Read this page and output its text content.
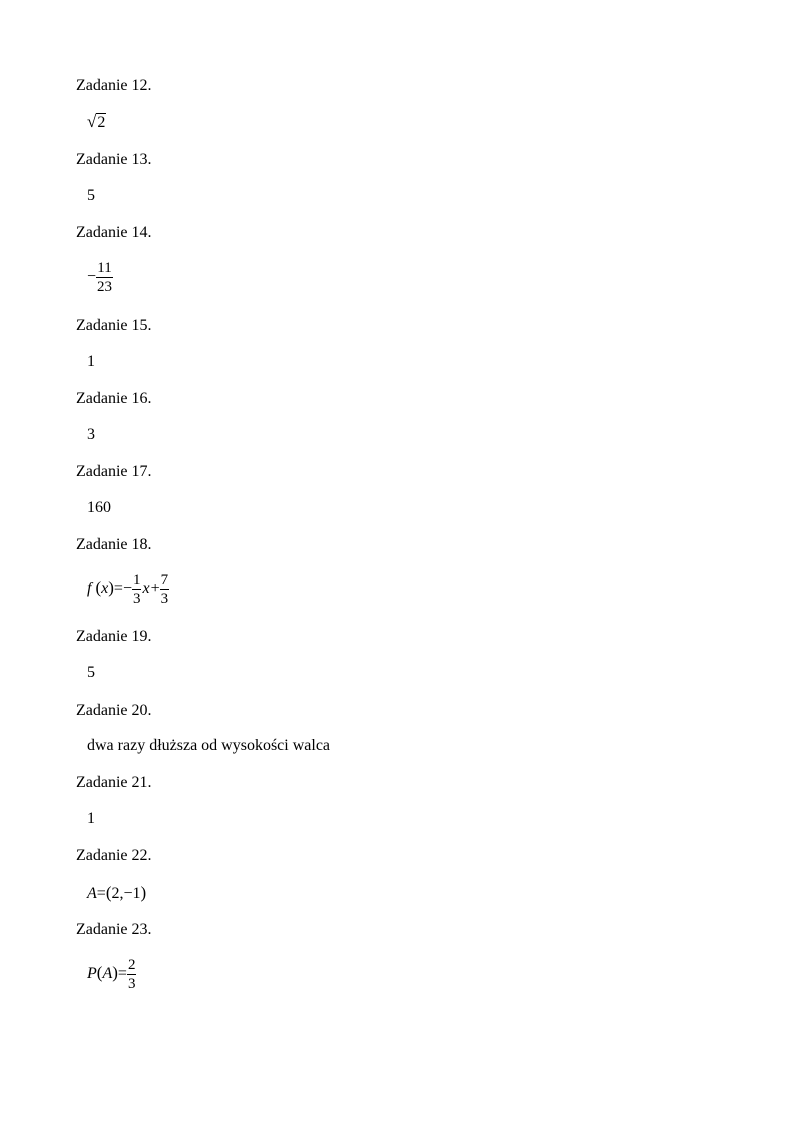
Zadanie 12.
√2
Zadanie 13.
5
Zadanie 14.
− $\frac{11}{23}$
Zadanie 15.
1
Zadanie 16.
3
Zadanie 17.
160
Zadanie 18.
f $(x)=- \frac{1}{3} x+ \frac{7}{3}$
Zadanie 19.
5
Zadanie 20.
dwa razy dłuższa od wysokości walca
Zadanie 21.
1
Zadanie 22.
A=(2,−1)
Zadanie 23.
$P(A)= \frac{2}{3}$
